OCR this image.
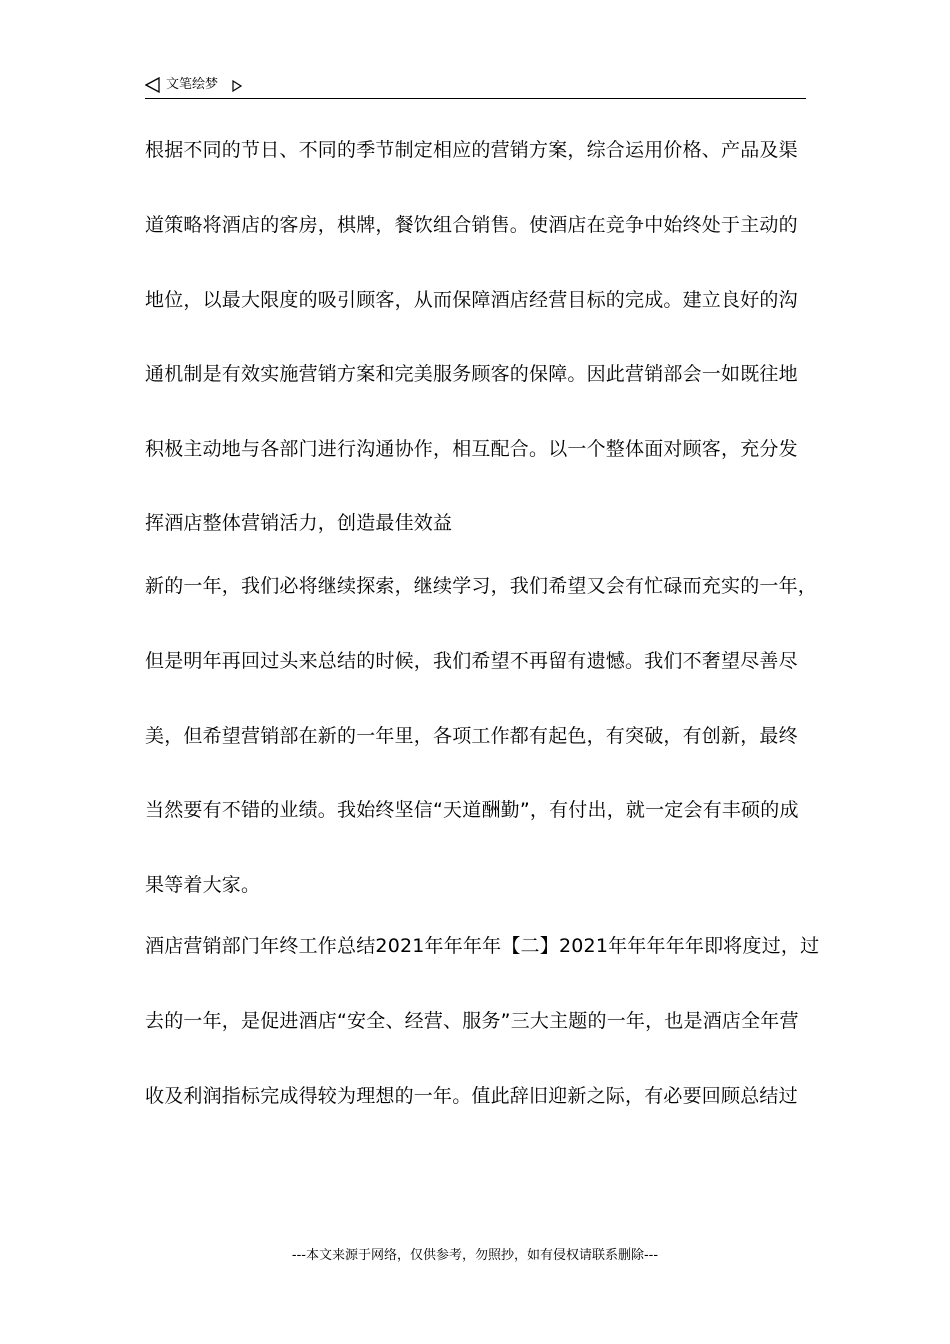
文笔绘梦
根据不同的节日、不同的季节制定相应的营销方案，综合运用价格、产品及渠
道策略将酒店的客房，棋牌，餐饮组合销售。使酒店在竞争中始终处于主动的
地位，以最大限度的吸引顾客，从而保障酒店经营目标的完成。建立良好的沟
通机制是有效实施营销方案和完美服务顾客的保障。因此营销部会一如既往地
积极主动地与各部门进行沟通协作，相互配合。以一个整体面对顾客，充分发
挥酒店整体营销活力，创造最佳效益
新的一年，我们必将继续探索，继续学习，我们希望又会有忙碌而充实的一年，
但是明年再回过头来总结的时候，我们希望不再留有遗憾。我们不奢望尽善尽
美，但希望营销部在新的一年里，各项工作都有起色，有突破，有创新，最终
当然要有不错的业绩。我始终坚信“天道酬勤”，有付出，就一定会有丰硕的成
果等着大家。
酒店营销部门年终工作总结2021年年年年【二】2021年年年年年即将度过，过
去的一年，是促进酒店“安全、经营、服务”三大主题的一年，也是酒店全年营
收及利润指标完成得较为理想的一年。值此辞旧迎新之际，有必要回顾总结过
---本文来源于网络，仅供参考，勿照抄，如有侵权请联系删除---
